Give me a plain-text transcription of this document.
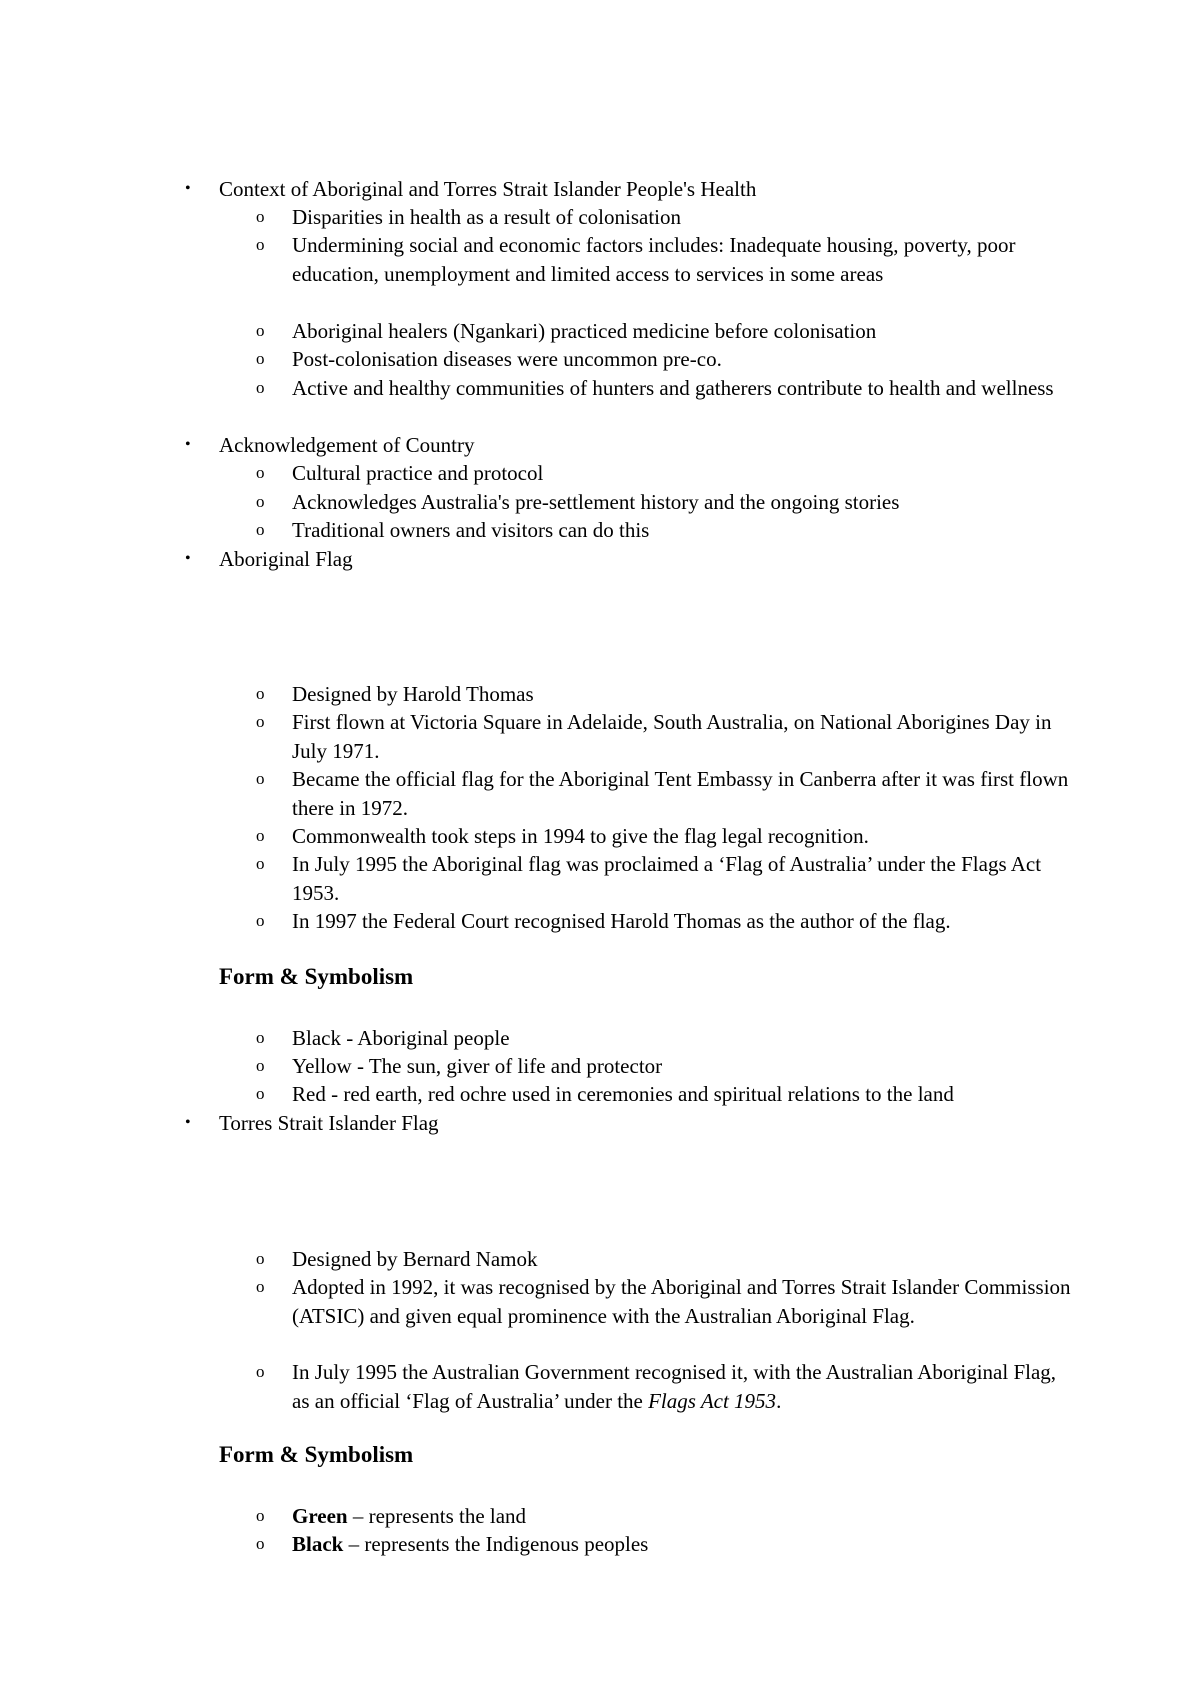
• Context of Aboriginal and Torres Strait Islander People's Health
o Disparities in health as a result of colonisation
o Undermining social and economic factors includes: Inadequate housing, poverty, poor education, unemployment and limited access to services in some areas
o Aboriginal healers (Ngankari) practiced medicine before colonisation
o Post-colonisation diseases were uncommon pre-co.
o Active and healthy communities of hunters and gatherers contribute to health and wellness
• Acknowledgement of Country
o Cultural practice and protocol
o Acknowledges Australia's pre-settlement history and the ongoing stories
o Traditional owners and visitors can do this
• Aboriginal Flag
o Designed by Harold Thomas
o First flown at Victoria Square in Adelaide, South Australia, on National Aborigines Day in July 1971.
o Became the official flag for the Aboriginal Tent Embassy in Canberra after it was first flown there in 1972.
o Commonwealth took steps in 1994 to give the flag legal recognition.
o In July 1995 the Aboriginal flag was proclaimed a ‘Flag of Australia’ under the Flags Act 1953.
o In 1997 the Federal Court recognised Harold Thomas as the author of the flag.
Form & Symbolism
o Black - Aboriginal people
o Yellow - The sun, giver of life and protector
o Red - red earth, red ochre used in ceremonies and spiritual relations to the land
• Torres Strait Islander Flag
o Designed by Bernard Namok
o Adopted in 1992, it was recognised by the Aboriginal and Torres Strait Islander Commission (ATSIC) and given equal prominence with the Australian Aboriginal Flag.
o In July 1995 the Australian Government recognised it, with the Australian Aboriginal Flag, as an official ‘Flag of Australia’ under the Flags Act 1953.
Form & Symbolism
o Green – represents the land
o Black – represents the Indigenous peoples
